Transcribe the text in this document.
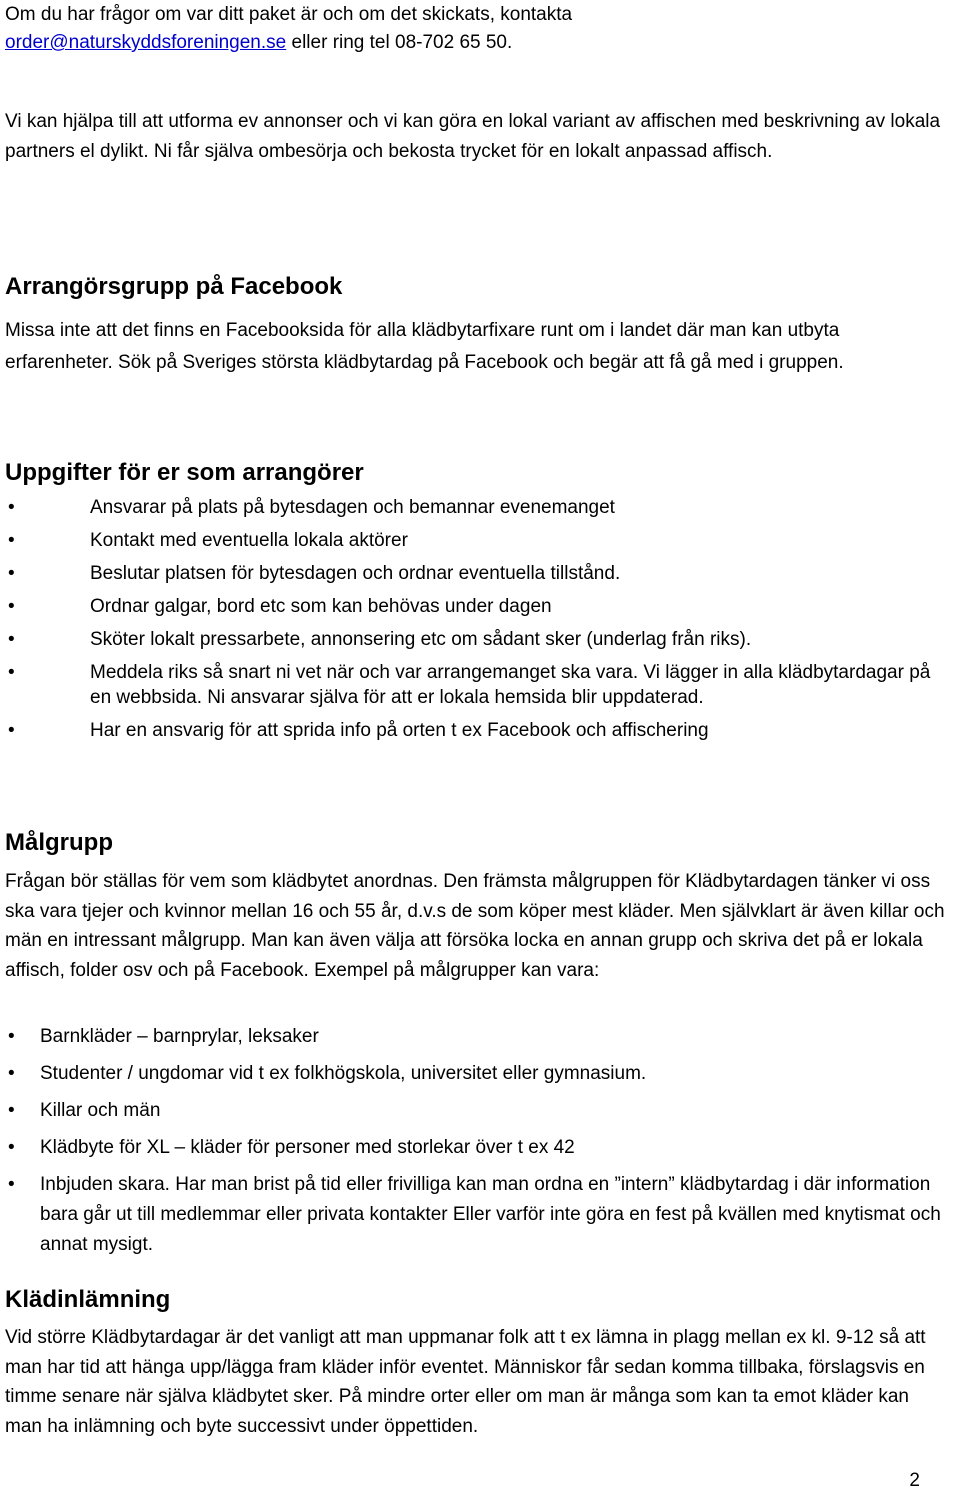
Om du har frågor om var ditt paket är och om det skickats, kontakta
order@naturskyddsforeningen.se eller ring tel 08-702 65 50.

Vi kan hjälpa till att utforma ev annonser och vi kan göra en lokal variant av affischen med beskrivning av lokala partners el dylikt. Ni får själva ombesörja och bekosta trycket för en lokalt anpassad affisch.

Arrangörsgrupp på Facebook

Missa inte att det finns en Facebooksida för alla klädbytarfixare runt om i landet där man kan utbyta erfarenheter. Sök på Sveriges största klädbytardag på Facebook och begär att få gå med i gruppen.

Uppgifter för er som arrangörer
•	Ansvarar på plats på bytesdagen och bemannar evenemanget
•	Kontakt med eventuella lokala aktörer
•	Beslutar platsen för bytesdagen och ordnar eventuella tillstånd.
•	Ordnar galgar, bord etc som kan behövas under dagen
•	Sköter lokalt pressarbete, annonsering etc om sådant sker (underlag från riks).
•	Meddela riks så snart ni vet när och var arrangemanget ska vara. Vi lägger in alla klädbytardagar på en webbsida. Ni ansvarar själva för att er lokala hemsida blir uppdaterad.
•	Har en ansvarig för att sprida info på orten t ex Facebook och affischering
Målgrupp

Frågan bör ställas för vem som klädbytet anordnas. Den främsta målgruppen för Klädbytardagen tänker vi oss ska vara tjejer och kvinnor mellan 16 och 55 år, d.v.s de som köper mest kläder. Men självklart är även killar och män en intressant målgrupp. Man kan även välja att försöka locka en annan grupp och skriva det på er lokala affisch, folder osv och på Facebook. Exempel på målgrupper kan vara:

• Barnkläder – barnprylar, leksaker
• Studenter / ungdomar vid t ex folkhögskola, universitet eller gymnasium.
• Killar och män
• Klädbyte för XL – kläder för personer med storlekar över t ex 42
• Inbjuden skara. Har man brist på tid eller frivilliga kan man ordna en ”intern” klädbytardag i där information bara går ut till medlemmar eller privata kontakter Eller varför inte göra en fest på kvällen med knytismat och annat mysigt.
Klädinlämning

Vid större Klädbytardagar är det vanligt att man uppmanar folk att t ex lämna in plagg mellan ex kl. 9-12 så att man har tid att hänga upp/lägga fram kläder inför eventet. Människor får sedan komma tillbaka, förslagsvis en timme senare när själva klädbytet sker. På mindre orter eller om man är många som kan ta emot kläder kan man ha inlämning och byte successivt under öppettiden.

2
